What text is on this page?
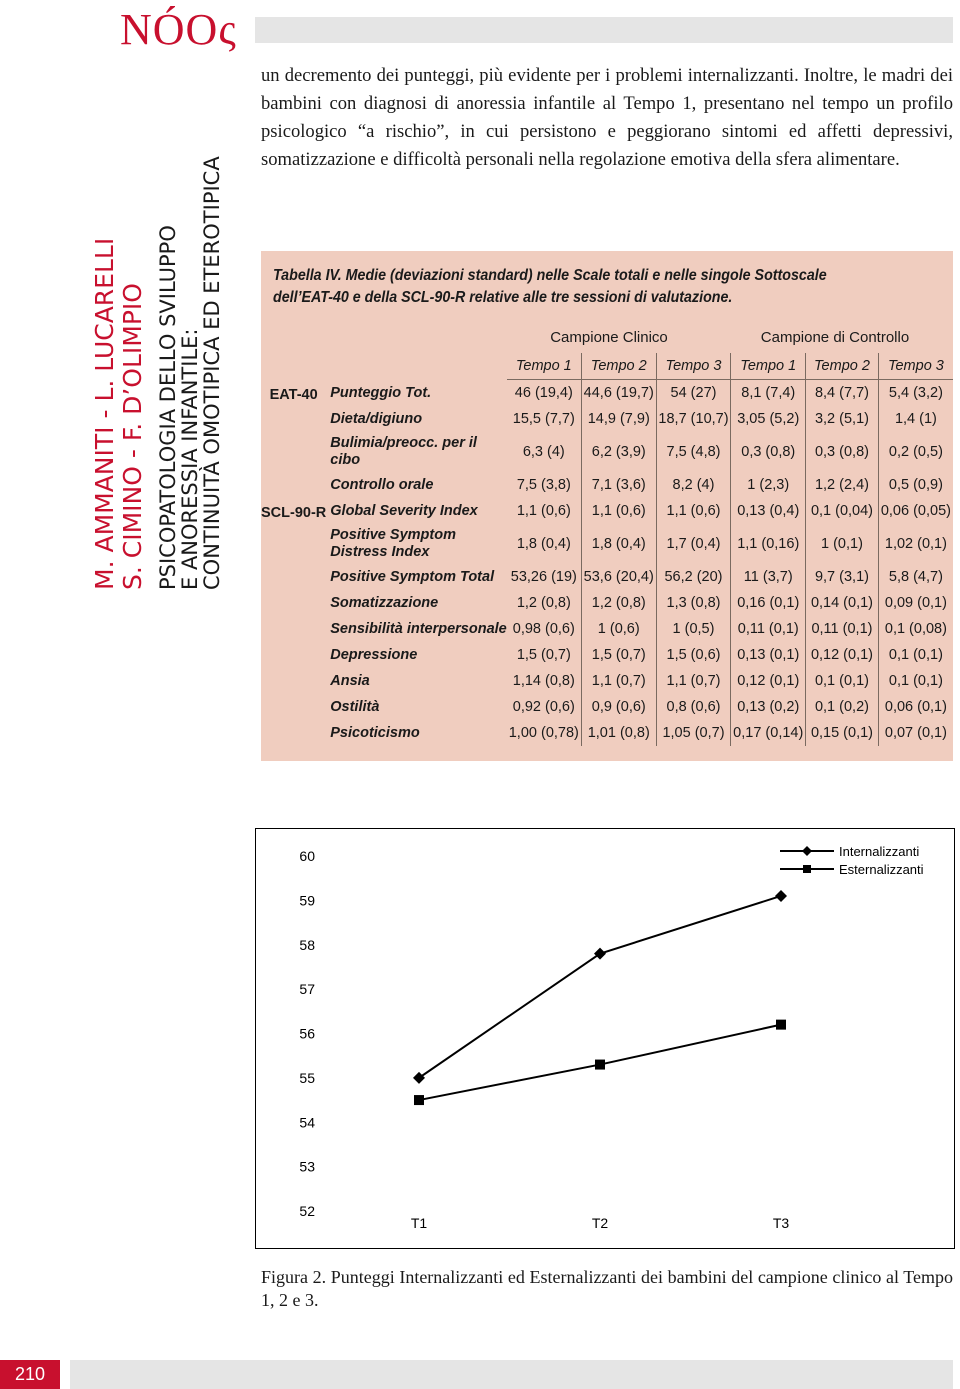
NÓOς
M. AMMANITI - L. LUCARELLI S. CIMINO - F. D’OLIMPIO PSICOPATOLOGIA DELLO SVILUPPO
E ANORESSIA INFANTILE:
CONTINUITÀ OMOTIPICA ED ETEROTIPICA
un decremento dei punteggi, più evidente per i problemi internalizzanti. Inoltre, le madri dei bambini con diagnosi di anoressia infantile al Tempo 1, presentano nel tempo un profilo psicologico “a rischio”, in cui persistono e peggiorano sintomi ed affetti depressivi, somatizzazione e difficoltà personali nella regolazione emotiva della sfera alimentare.
Tabella IV. Medie (deviazioni standard) nelle Scale totali e nelle singole Sottoscale dell’EAT-40 e della SCL-90-R relative alle tre sessioni di valutazione.
Campione Clinico	Campione di Controllo
		Tempo 1	Tempo 2	Tempo 3	Tempo 1	Tempo 2	Tempo 3
EAT-40	Punteggio Tot.	46 (19,4)	44,6 (19,7)	54 (27)	8,1 (7,4)	8,4 (7,7)	5,4 (3,2)
	Dieta/digiuno	15,5 (7,7)	14,9 (7,9)	18,7 (10,7)	3,05 (5,2)	3,2 (5,1)	1,4 (1)
	Bulimia/preocc. per il cibo	6,3 (4)	6,2 (3,9)	7,5 (4,8)	0,3 (0,8)	0,3 (0,8)	0,2 (0,5)
	Controllo orale	7,5 (3,8)	7,1 (3,6)	8,2 (4)	1 (2,3)	1,2 (2,4)	0,5 (0,9)
SCL-90-R	Global Severity Index	1,1 (0,6)	1,1 (0,6)	1,1 (0,6)	0,13 (0,4)	0,1 (0,04)	0,06 (0,05)
	Positive Symptom Distress Index	1,8 (0,4)	1,8 (0,4)	1,7 (0,4)	1,1 (0,16)	1 (0,1)	1,02 (0,1)
	Positive Symptom Total	53,26 (19)	53,6 (20,4)	56,2 (20)	11 (3,7)	9,7 (3,1)	5,8 (4,7)
	Somatizzazione	1,2 (0,8)	1,2 (0,8)	1,3 (0,8)	0,16 (0,1)	0,14 (0,1)	0,09 (0,1)
	Sensibilità interpersonale	0,98 (0,6)	1 (0,6)	1 (0,5)	0,11 (0,1)	0,11 (0,1)	0,1 (0,08)
	Depressione	1,5 (0,7)	1,5 (0,7)	1,5 (0,6)	0,13 (0,1)	0,12 (0,1)	0,1 (0,1)
	Ansia	1,14 (0,8)	1,1 (0,7)	1,1 (0,7)	0,12 (0,1)	0,1 (0,1)	0,1 (0,1)
	Ostilità	0,92 (0,6)	0,9 (0,6)	0,8 (0,6)	0,13 (0,2)	0,1 (0,2)	0,06 (0,1)
	Psicoticismo	1,00 (0,78)	1,01 (0,8)	1,05 (0,7)	0,17 (0,14)	0,15 (0,1)	0,07 (0,1)
52
53
54
55
56
57
58
59
60
T1	T2	T3
Internalizzanti
Esternalizzanti
Figura 2. Punteggi Internalizzanti ed Esternalizzanti dei bambini del campione clinico al Tempo 1, 2 e 3.
210
